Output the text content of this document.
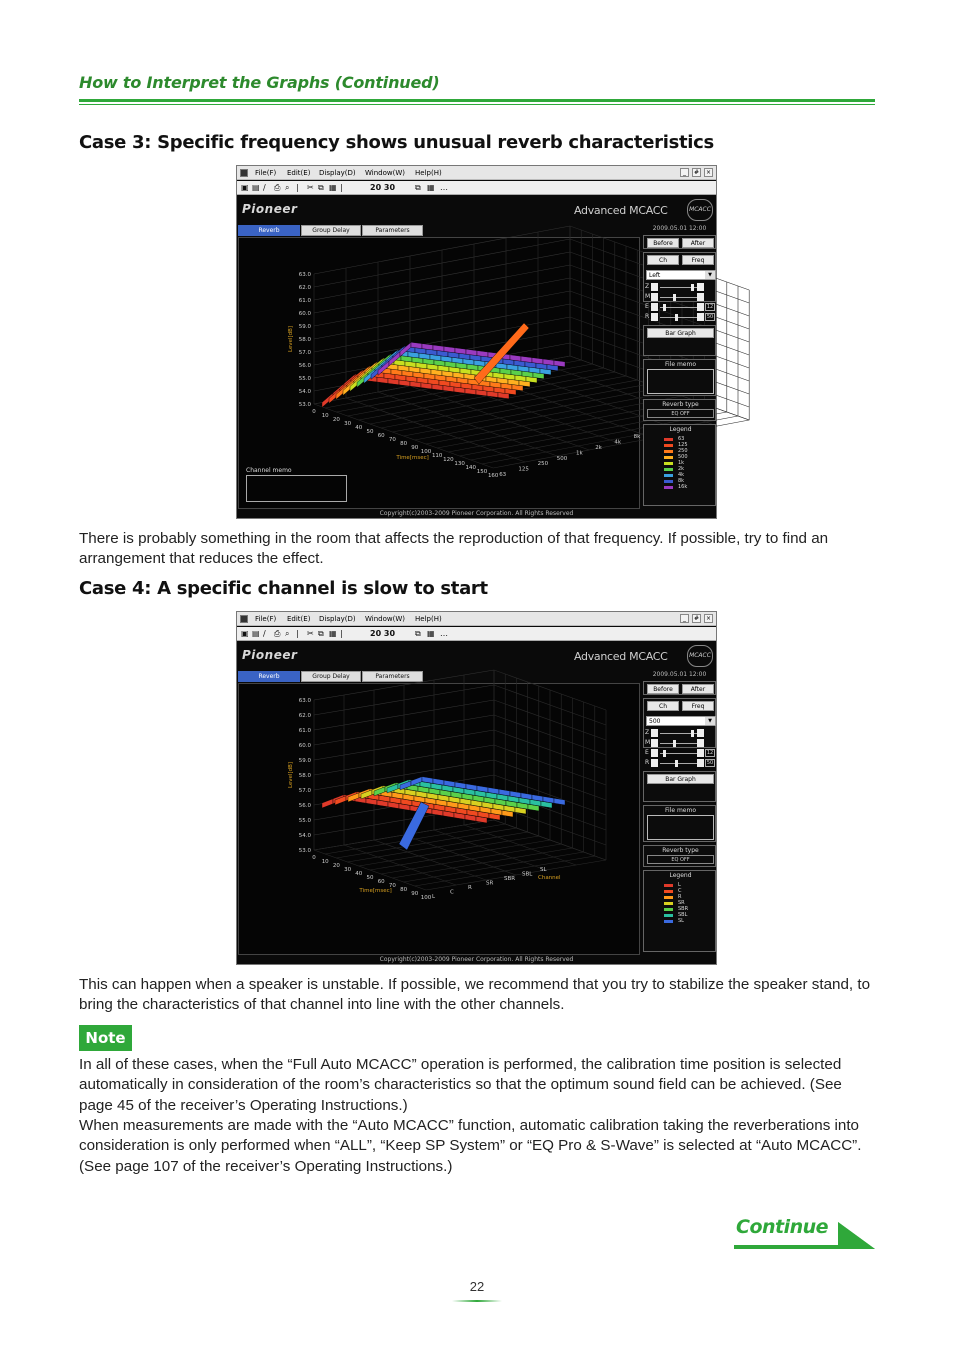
How to Interpret the Graphs (Continued)
Case 3: Specific frequency shows unusual reverb characteristics
File(F) Edit(E) Display(D) Window(W) Help(H)	_	#	×
▣ ▤ ∕ ⎙ ⌕ | ✂ ⧉ ▦ |	20 30 ⧉ ▦ …
Pioneer	Advanced MCACC	MCACC
Reverb	Group Delay	Parameters
63.0
62.0
61.0
60.0
59.0
58.0
57.0
56.0
55.0
54.0
53.0
Level[dB]
0
10
20
30
40
50
60
70
80
90
100
110
120
130
140
150
160
Time[msec]
63
125
250
500
1k
2k
4k
8k
Channel memo
Copyright(c)2003-2009 Pioneer Corporation. All Rights Reserved
2009.05.01 12:00
Before	After
Ch	Freq
Left	▼
Z
M
E	12
R	50
Bar Graph
File memo
Reverb type
EQ OFF
Legend
63
125
250
500
1k
2k
4k
8k
16k
There is probably something in the room that affects the reproduction of that frequency. If possible, try to find an arrangement that reduces the effect.
Case 4: A specific channel is slow to start
File(F) Edit(E) Display(D) Window(W) Help(H)	_	#	×
▣ ▤ ∕ ⎙ ⌕ | ✂ ⧉ ▦ |	20 30 ⧉ ▦ …
Pioneer	Advanced MCACC	MCACC
Reverb	Group Delay	Parameters
63.0
62.0
61.0
60.0
59.0
58.0
57.0
56.0
55.0
54.0
53.0
Level[dB]
0
10
20
30
40
50
60
70
80
90
100
Time[msec]
L
C
R
SR
SBR
SBL
SL
Channel
Copyright(c)2003-2009 Pioneer Corporation. All Rights Reserved
2009.05.01 12:00
Before	After
Ch	Freq
500	▼
Z
M
E	12
R	50
Bar Graph
File memo
Reverb type
EQ OFF
Legend
L
C
R
SR
SBR
SBL
SL
This can happen when a speaker is unstable. If possible, we recommend that you try to stabilize the speaker stand, to bring the characteristics of that channel into line with the other channels.
Note
In all of these cases, when the “Full Auto MCACC” operation is performed, the calibration time position is selected automatically in consideration of the room’s characteristics so that the optimum sound field can be achieved. (See page 45 of the receiver’s Operating Instructions.)
When measurements are made with the “Auto MCACC” function, automatic calibration taking the reverberations into consideration is only performed when “ALL”, “Keep SP System” or “EQ Pro & S-Wave” is selected at “Auto MCACC”. (See page 107 of the receiver’s Operating Instructions.)
Continue
22
